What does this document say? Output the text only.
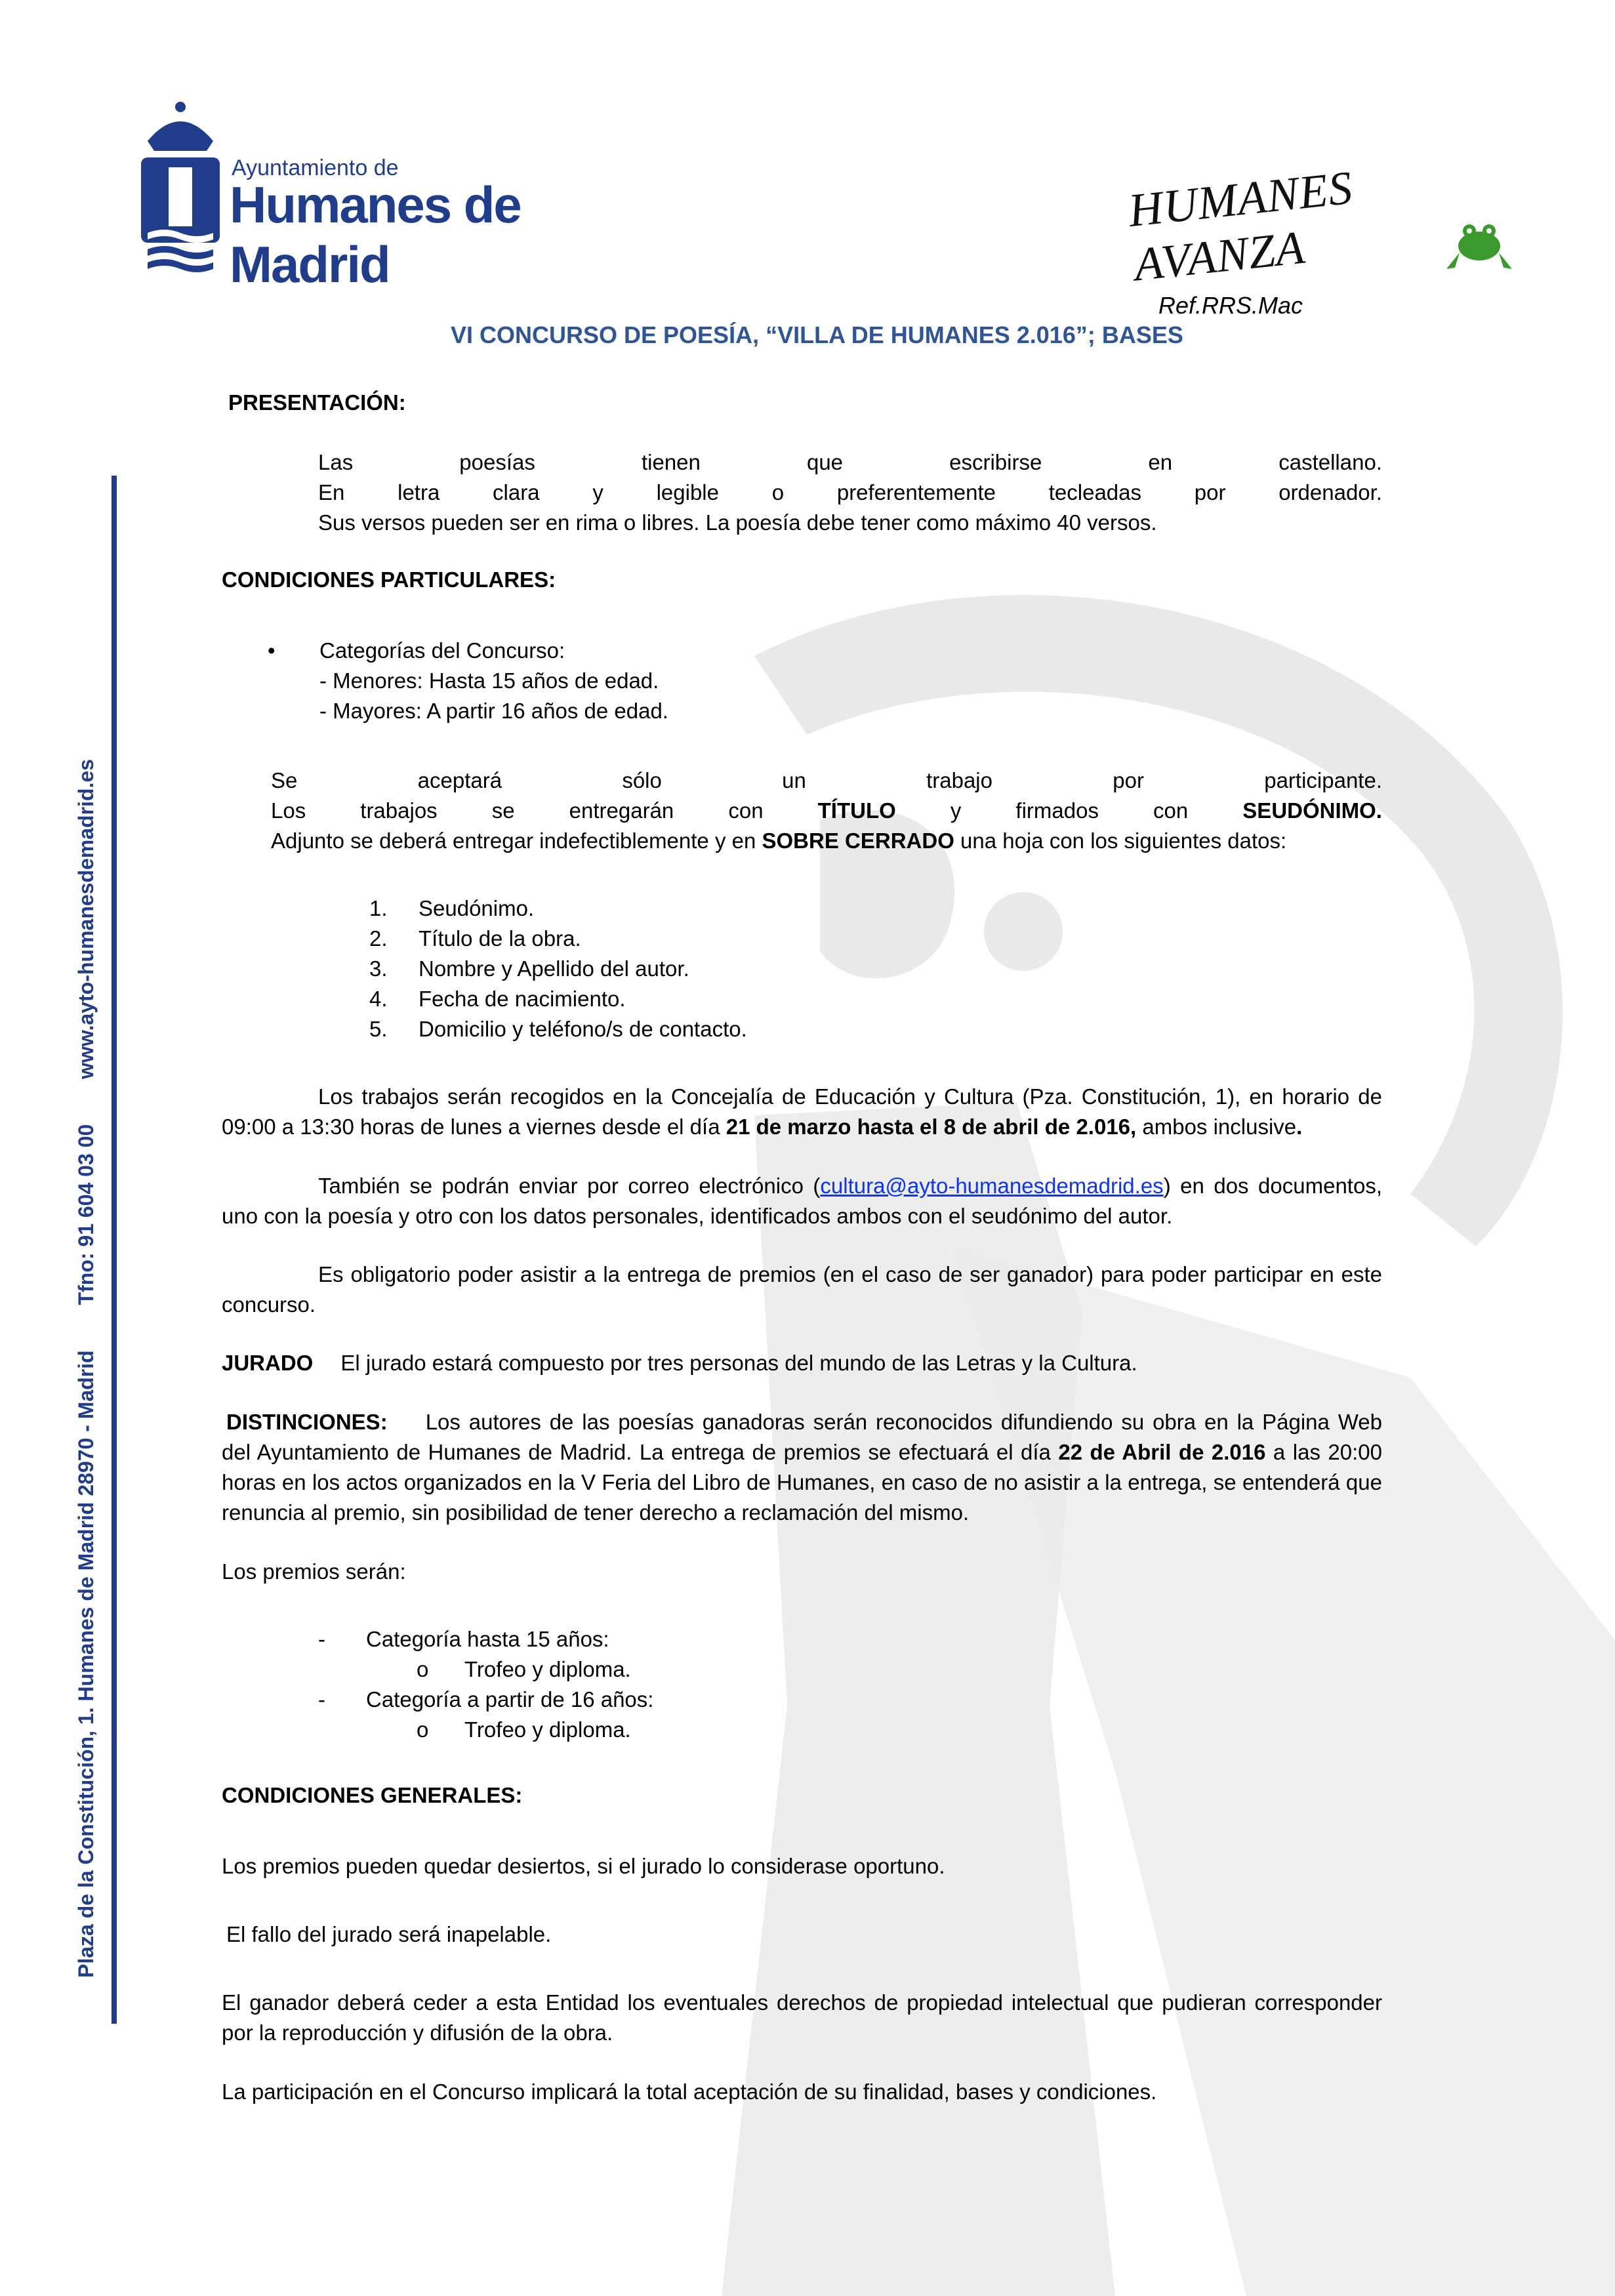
Ayuntamiento de
Humanes de Madrid
HUMANES AVANZA
Plaza de la Constitución, 1. Humanes de Madrid 28970 - Madrid Tfno: 91 604 03 00 www.ayto-humanesdemadrid.es
Ref.RRS.Mac
VI CONCURSO DE POESÍA, “VILLA DE HUMANES 2.016”; BASES
PRESENTACIÓN:
Las poesías tienen que escribirse en castellano.
En letra clara y legible o preferentemente tecleadas por ordenador.
Sus versos pueden ser en rima o libres. La poesía debe tener como máximo 40 versos.
CONDICIONES PARTICULARES:
• Categorías del Concurso:
- Menores: Hasta 15 años de edad.
- Mayores: A partir 16 años de edad.
Se aceptará sólo un trabajo por participante.
Los trabajos se entregarán con TÍTULO y firmados con SEUDÓNIMO.
Adjunto se deberá entregar indefectiblemente y en SOBRE CERRADO una hoja con los siguientes datos:
1. Seudónimo.
2. Título de la obra.
3. Nombre y Apellido del autor.
4. Fecha de nacimiento.
5. Domicilio y teléfono/s de contacto.
Los trabajos serán recogidos en la Concejalía de Educación y Cultura (Pza. Constitución, 1), en horario de 09:00 a 13:30 horas de lunes a viernes desde el día 21 de marzo hasta el 8 de abril de 2.016, ambos inclusive.
También se podrán enviar por correo electrónico (cultura@ayto-humanesdemadrid.es) en dos documentos, uno con la poesía y otro con los datos personales, identificados ambos con el seudónimo del autor.
Es obligatorio poder asistir a la entrega de premios (en el caso de ser ganador) para poder participar en este concurso.
JURADO El jurado estará compuesto por tres personas del mundo de las Letras y la Cultura.
DISTINCIONES: Los autores de las poesías ganadoras serán reconocidos difundiendo su obra en la Página Web del Ayuntamiento de Humanes de Madrid. La entrega de premios se efectuará el día 22 de Abril de 2.016 a las 20:00 horas en los actos organizados en la V Feria del Libro de Humanes, en caso de no asistir a la entrega, se entenderá que renuncia al premio, sin posibilidad de tener derecho a reclamación del mismo.
Los premios serán:
- Categoría hasta 15 años:
o Trofeo y diploma.
- Categoría a partir de 16 años:
o Trofeo y diploma.
CONDICIONES GENERALES:
Los premios pueden quedar desiertos, si el jurado lo considerase oportuno.
El fallo del jurado será inapelable.
El ganador deberá ceder a esta Entidad los eventuales derechos de propiedad intelectual que pudieran corresponder por la reproducción y difusión de la obra.
La participación en el Concurso implicará la total aceptación de su finalidad, bases y condiciones.
